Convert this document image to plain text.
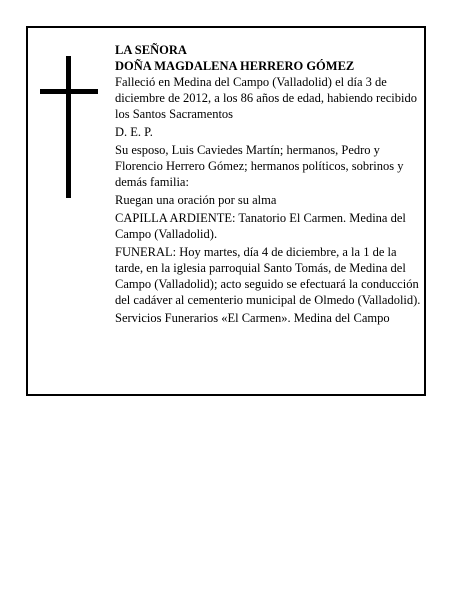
LA SEÑORA

DOÑA MAGDALENA HERRERO GÓMEZ

Falleció en Medina del Campo (Valladolid) el día 3 de diciembre de 2012, a los 86 años de edad, habiendo recibido los Santos Sacramentos

D. E. P.

Su esposo, Luis Caviedes Martín; hermanos, Pedro y Florencio Herrero Gómez; hermanos políticos, sobrinos y demás familia:

Ruegan una oración por su alma

CAPILLA ARDIENTE: Tanatorio El Carmen. Medina del Campo (Valladolid).

FUNERAL: Hoy martes, día 4 de diciembre, a la 1 de la tarde, en la iglesia parroquial Santo Tomás, de Medina del Campo (Valladolid); acto seguido se efectuará la conducción del cadáver al cementerio municipal de Olmedo (Valladolid).

Servicios Funerarios «El Carmen». Medina del Campo
